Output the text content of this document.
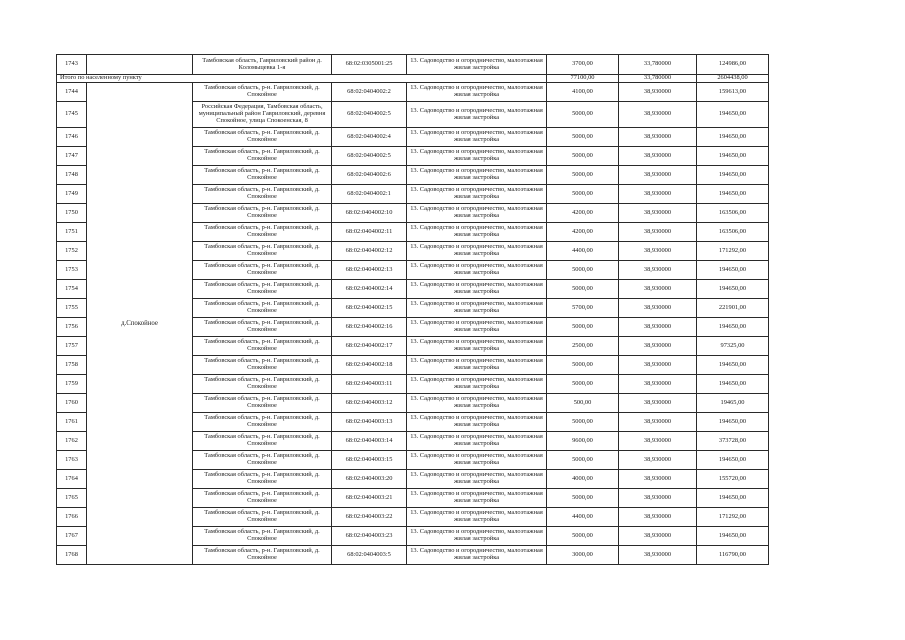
1743		Тамбовская область, Гавриловский район д. Коломыцевка 1-я	68:02:0305001:25	13. Садоводство и огородничество, малоэтажная жилая застройка	3700,00	33,780000	124986,00
Итого по населенному пункту					77100,00	33,780000	2604438,00
1744	д.Спокойное	Тамбовская область, р-н. Гавриловский, д. Спокойное	68:02:0404002:2	13. Садоводство и огородничество, малоэтажная жилая застройка	4100,00	38,930000	159613,00
1745		Российская Федерация, Тамбовская область, муниципальный район Гавриловский, деревня Спокойное, улица Спокоенская, 8	68:02:0404002:5	13. Садоводство и огородничество, малоэтажная жилая застройка	5000,00	38,930000	194650,00
1746		Тамбовская область, р-н. Гавриловский, д. Спокойное	68:02:0404002:4	13. Садоводство и огородничество, малоэтажная жилая застройка	5000,00	38,930000	194650,00
1747		Тамбовская область, р-н. Гавриловский, д. Спокойное	68:02:0404002:5	13. Садоводство и огородничество, малоэтажная жилая застройка	5000,00	38,930000	194650,00
1748		Тамбовская область, р-н. Гавриловский, д. Спокойное	68:02:0404002:6	13. Садоводство и огородничество, малоэтажная жилая застройка	5000,00	38,930000	194650,00
1749		Тамбовская область, р-н. Гавриловский, д. Спокойное	68:02:0404002:1	13. Садоводство и огородничество, малоэтажная жилая застройка	5000,00	38,930000	194650,00
1750		Тамбовская область, р-н. Гавриловский, д. Спокойное	68:02:0404002:10	13. Садоводство и огородничество, малоэтажная жилая застройка	4200,00	38,930000	163506,00
1751		Тамбовская область, р-н. Гавриловский, д. Спокойное	68:02:0404002:11	13. Садоводство и огородничество, малоэтажная жилая застройка	4200,00	38,930000	163506,00
1752		Тамбовская область, р-н. Гавриловский, д. Спокойное	68:02:0404002:12	13. Садоводство и огородничество, малоэтажная жилая застройка	4400,00	38,930000	171292,00
1753		Тамбовская область, р-н. Гавриловский, д. Спокойное	68:02:0404002:13	13. Садоводство и огородничество, малоэтажная жилая застройка	5000,00	38,930000	194650,00
1754		Тамбовская область, р-н. Гавриловский, д. Спокойное	68:02:0404002:14	13. Садоводство и огородничество, малоэтажная жилая застройка	5000,00	38,930000	194650,00
1755		Тамбовская область, р-н. Гавриловский, д. Спокойное	68:02:0404002:15	13. Садоводство и огородничество, малоэтажная жилая застройка	5700,00	38,930000	221901,00
1756		Тамбовская область, р-н. Гавриловский, д. Спокойное	68:02:0404002:16	13. Садоводство и огородничество, малоэтажная жилая застройка	5000,00	38,930000	194650,00
1757		Тамбовская область, р-н. Гавриловский, д. Спокойное	68:02:0404002:17	13. Садоводство и огородничество, малоэтажная жилая застройка	2500,00	38,930000	97325,00
1758		Тамбовская область, р-н. Гавриловский, д. Спокойное	68:02:0404002:18	13. Садоводство и огородничество, малоэтажная жилая застройка	5000,00	38,930000	194650,00
1759		Тамбовская область, р-н. Гавриловский, д. Спокойное	68:02:0404003:11	13. Садоводство и огородничество, малоэтажная жилая застройка	5000,00	38,930000	194650,00
1760		Тамбовская область, р-н. Гавриловский, д. Спокойное	68:02:0404003:12	13. Садоводство и огородничество, малоэтажная жилая застройка	500,00	38,930000	19465,00
1761		Тамбовская область, р-н. Гавриловский, д. Спокойное	68:02:0404003:13	13. Садоводство и огородничество, малоэтажная жилая застройка	5000,00	38,930000	194650,00
1762		Тамбовская область, р-н. Гавриловский, д. Спокойное	68:02:0404003:14	13. Садоводство и огородничество, малоэтажная жилая застройка	9600,00	38,930000	373728,00
1763		Тамбовская область, р-н. Гавриловский, д. Спокойное	68:02:0404003:15	13. Садоводство и огородничество, малоэтажная жилая застройка	5000,00	38,930000	194650,00
1764		Тамбовская область, р-н. Гавриловский, д. Спокойное	68:02:0404003:20	13. Садоводство и огородничество, малоэтажная жилая застройка	4000,00	38,930000	155720,00
1765		Тамбовская область, р-н. Гавриловский, д. Спокойное	68:02:0404003:21	13. Садоводство и огородничество, малоэтажная жилая застройка	5000,00	38,930000	194650,00
1766		Тамбовская область, р-н. Гавриловский, д. Спокойное	68:02:0404003:22	13. Садоводство и огородничество, малоэтажная жилая застройка	4400,00	38,930000	171292,00
1767		Тамбовская область, р-н. Гавриловский, д. Спокойное	68:02:0404003:23	13. Садоводство и огородничество, малоэтажная жилая застройка	5000,00	38,930000	194650,00
1768		Тамбовская область, р-н. Гавриловский, д. Спокойное	68:02:0404003:5	13. Садоводство и огородничество, малоэтажная жилая застройка	3000,00	38,930000	116790,00
